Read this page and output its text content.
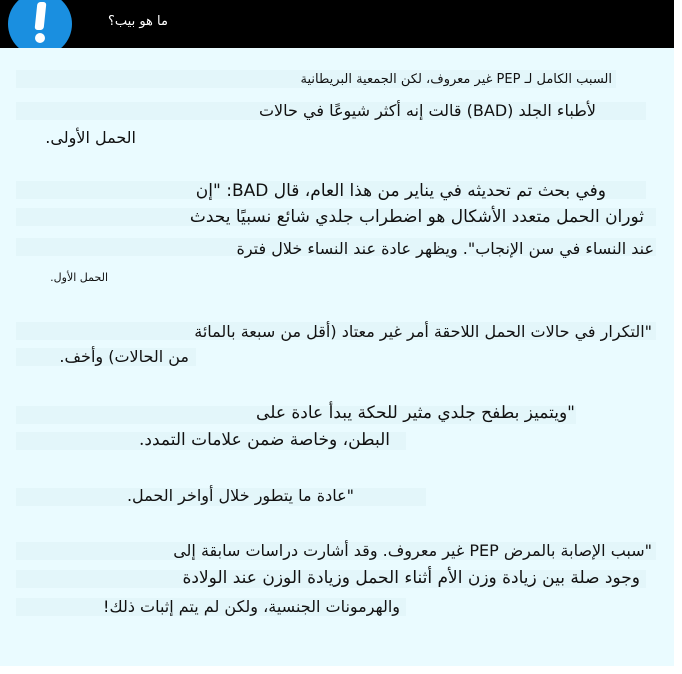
ما هو بيب؟
السبب الكامل لـ PEP غير معروف، لكن الجمعية البريطانية
لأطباء الجلد (BAD) قالت إنه أكثر شيوعًا في حالات
الحمل الأولى.
وفي بحث تم تحديثه في يناير من هذا العام، قال BAD: "إن
ثوران الحمل متعدد الأشكال هو اضطراب جلدي شائع نسبيًا يحدث
عند النساء في سن الإنجاب". ويظهر عادة عند النساء خلال فترة
الحمل الأول.
"التكرار في حالات الحمل اللاحقة أمر غير معتاد (أقل من سبعة بالمائة
من الحالات) وأخف.
"ويتميز بطفح جلدي مثير للحكة يبدأ عادة على
البطن، وخاصة ضمن علامات التمدد.
"عادة ما يتطور خلال أواخر الحمل.
"سبب الإصابة بالمرض PEP غير معروف. وقد أشارت دراسات سابقة إلى
وجود صلة بين زيادة وزن الأم أثناء الحمل وزيادة الوزن عند الولادة
والهرمونات الجنسية، ولكن لم يتم إثبات ذلك!
